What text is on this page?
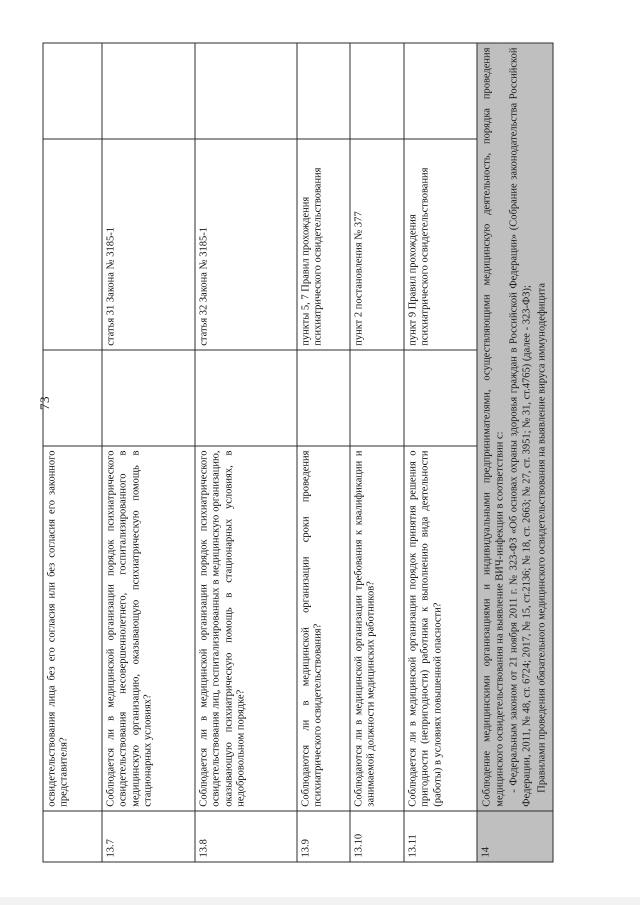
73
	освидетельствования лица без его согласия или без согласия его законного представителя?			
13.7	Соблюдается ли в медицинской организации порядок психиатрического освидетельствования несовершеннолетнего, госпитализированного в медицинскую организацию, оказывающую психиатрическую помощь в стационарных условиях?		статья 31 Закона № 3185-1	
13.8	Соблюдается ли в медицинской организации порядок психиатрического освидетельствования лиц, госпитализированных в медицинскую организацию, оказывающую психиатрическую помощь в стационарных условиях, в недобровольном порядке?		статья 32 Закона № 3185-1	
13.9	Соблюдаются ли в медицинской организации сроки проведения психиатрического освидетельствования?		пункты 5, 7 Правил прохождения психиатрического освидетельствования	
13.10	Соблюдаются ли в медицинской организации требования к квалификации и занимаемой должности медицинских работников?		пункт 2 постановления № 377	
13.11	Соблюдается ли в медицинской организации порядок принятия решения о пригодности (непригодности) работника к выполнению вида деятельности (работы) в условиях повышенной опасности?		пункт 9 Правил прохождения психиатрического освидетельствования	
14	Соблюдение медицинскими организациями и индивидуальными предпринимателями, осуществляющими медицинскую деятельность, порядка проведения медицинского освидетельствования на выявление ВИЧ-инфекции в соответствии с: - Федеральным законом от 21 ноября 2011 г. № 323-ФЗ «Об основах охраны здоровья граждан в Российской Федерации» (Собрание законодательства Российской Федерации, 2011, № 48, ст. 6724; 2017, № 15, ст.2136; № 18, ст. 2663; № 27, ст. 3951; № 31, ст.4765) (далее - 323-ФЗ); Правилами проведения обязательного медицинского освидетельствования на выявление вируса иммунодефицита			
